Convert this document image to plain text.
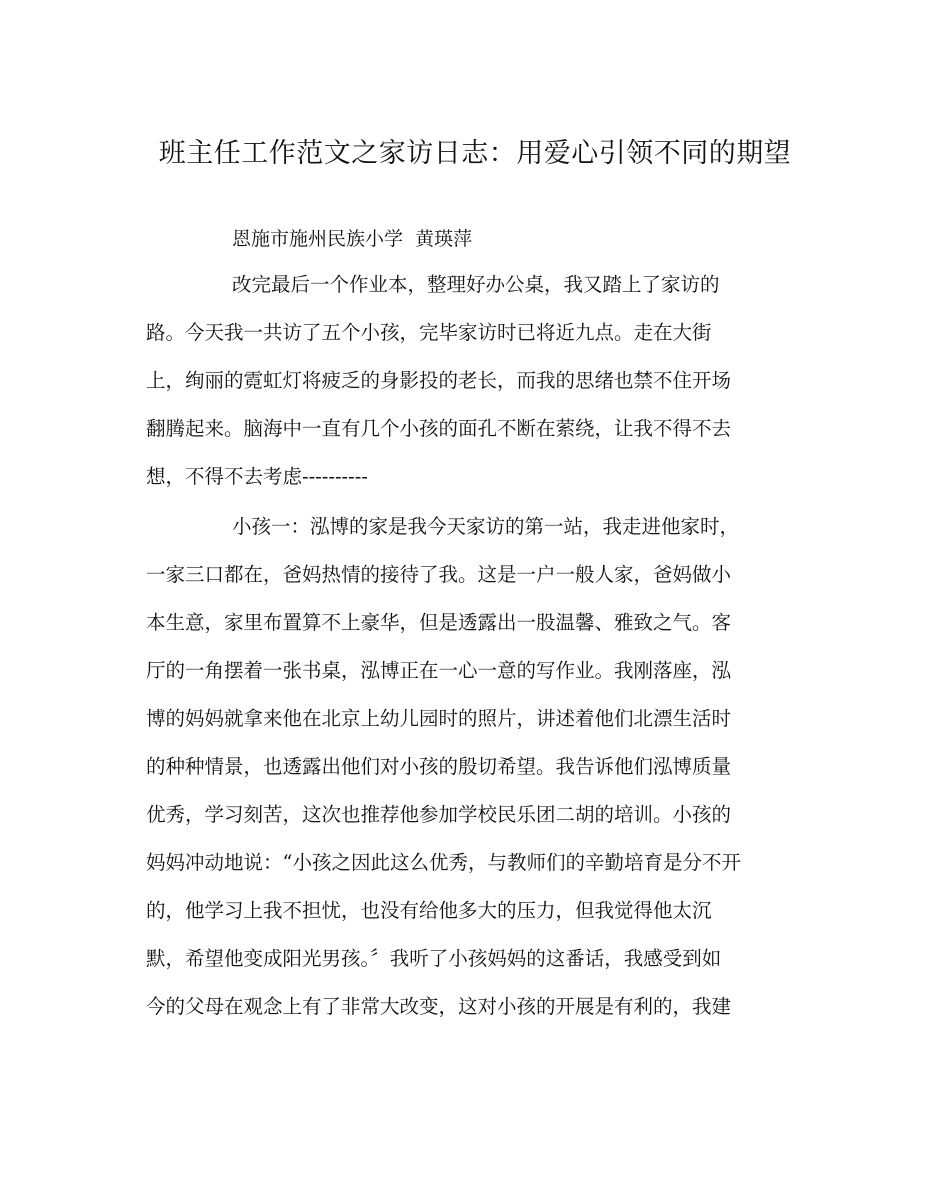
班主任工作范文之家访日志：用爱心引领不同的期望

恩施市施州民族小学  黄瑛萍

改完最后一个作业本，整理好办公桌，我又踏上了家访的

路。今天我一共访了五个小孩，完毕家访时已将近九点。走在大街

上，绚丽的霓虹灯将疲乏的身影投的老长，而我的思绪也禁不住开场

翻腾起来。脑海中一直有几个小孩的面孔不断在萦绕，让我不得不去

想，不得不去考虑----------

小孩一：泓博的家是我今天家访的第一站，我走进他家时，

一家三口都在，爸妈热情的接待了我。这是一户一般人家，爸妈做小

本生意，家里布置算不上豪华，但是透露出一股温馨、雅致之气。客

厅的一角摆着一张书桌，泓博正在一心一意的写作业。我刚落座，泓

博的妈妈就拿来他在北京上幼儿园时的照片，讲述着他们北漂生活时

的种种情景，也透露出他们对小孩的殷切希望。我告诉他们泓博质量

优秀，学习刻苦，这次也推荐他参加学校民乐团二胡的培训。小孩的

妈妈冲动地说：“小孩之因此这么优秀，与教师们的辛勤培育是分不开

的，他学习上我不担忧，也没有给他多大的压力，但我觉得他太沉

默，希望他变成阳光男孩。〞我听了小孩妈妈的这番话，我感受到如

今的父母在观念上有了非常大改变，这对小孩的开展是有利的，我建
